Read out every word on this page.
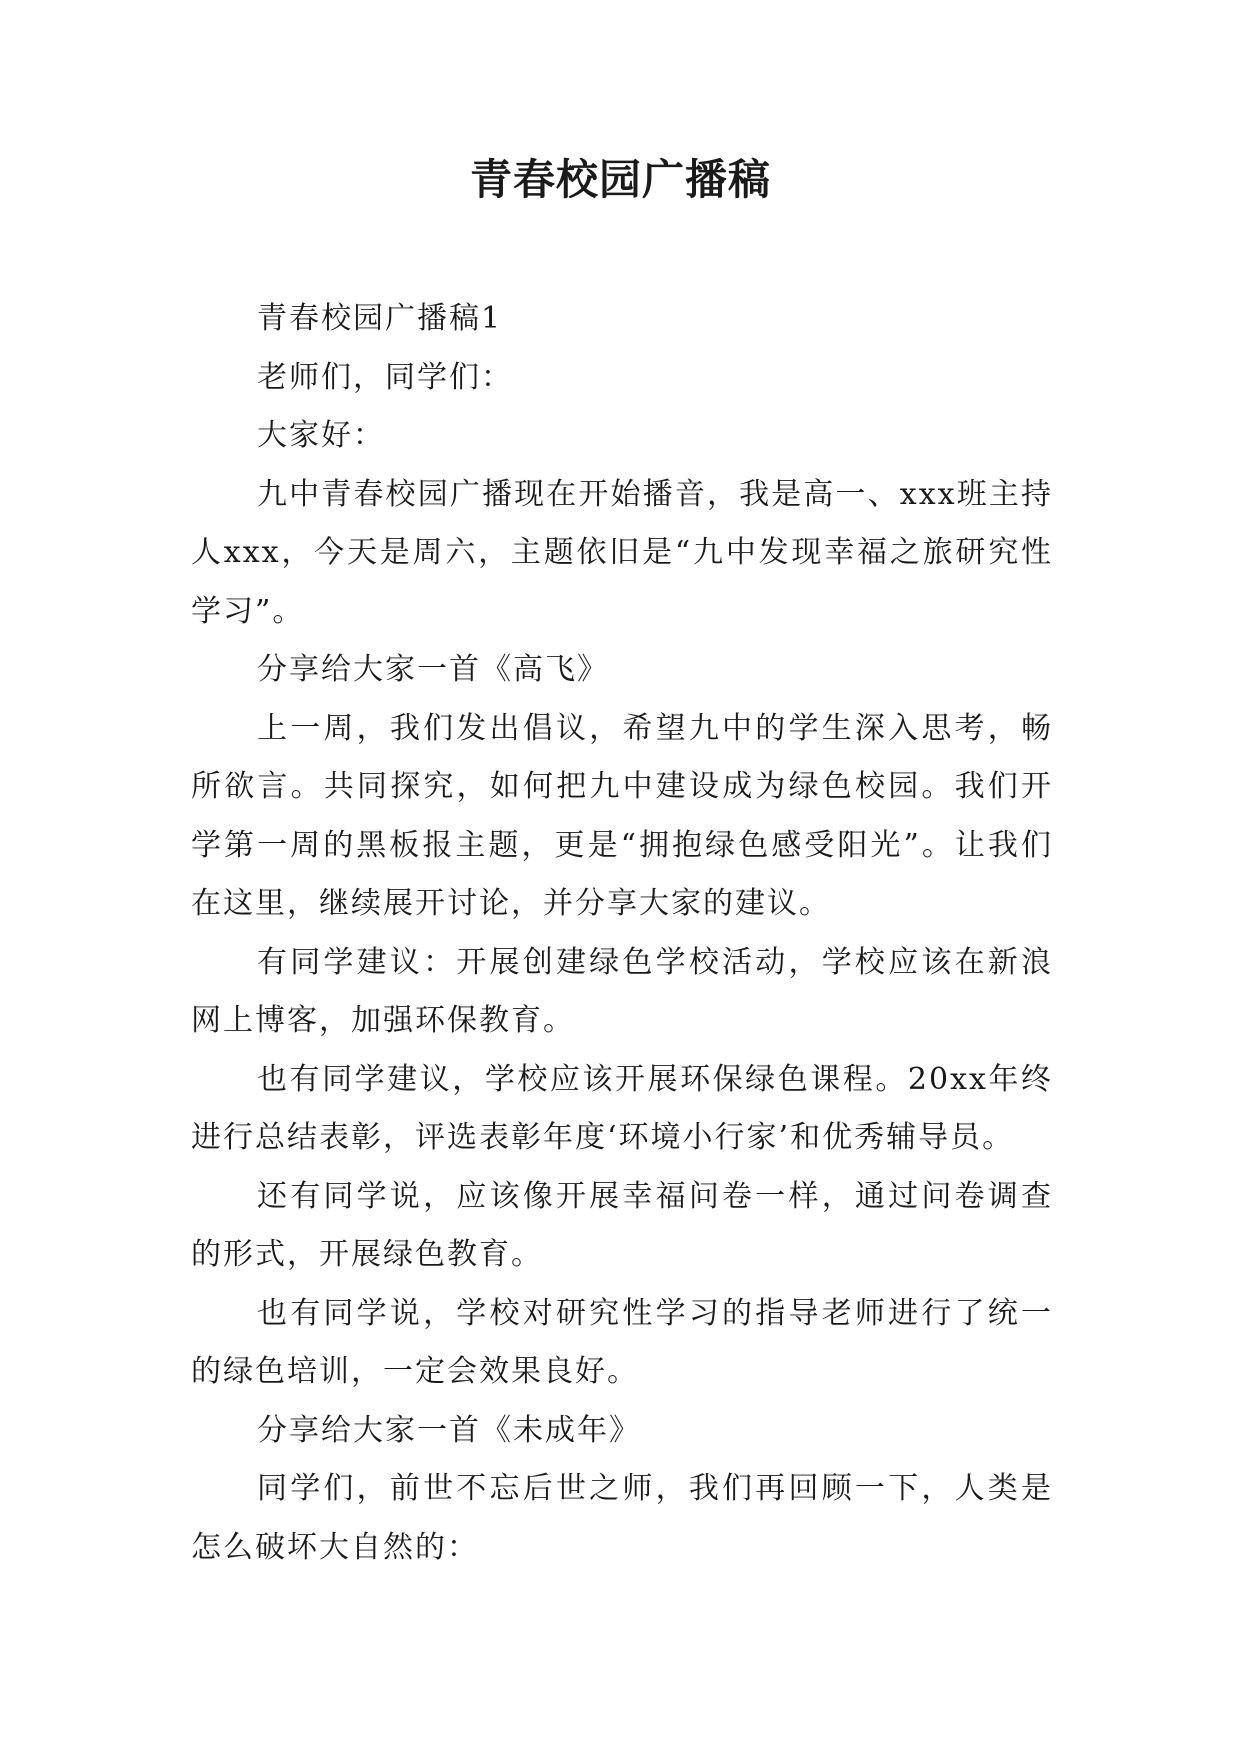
青春校园广播稿

青春校园广播稿1

老师们，同学们：

大家好：

九中青春校园广播现在开始播音，我是高一、xxx班主持人xxx，今天是周六，主题依旧是“九中发现幸福之旅研究性学习”。

分享给大家一首《高飞》

上一周，我们发出倡议，希望九中的学生深入思考，畅所欲言。共同探究，如何把九中建设成为绿色校园。我们开学第一周的黑板报主题，更是“拥抱绿色感受阳光”。让我们在这里，继续展开讨论，并分享大家的建议。

有同学建议：开展创建绿色学校活动，学校应该在新浪网上博客，加强环保教育。

也有同学建议，学校应该开展环保绿色课程。20xx年终进行总结表彰，评选表彰年度‘环境小行家’和优秀辅导员。

还有同学说，应该像开展幸福问卷一样，通过问卷调查的形式，开展绿色教育。

也有同学说，学校对研究性学习的指导老师进行了统一的绿色培训，一定会效果良好。

分享给大家一首《未成年》

同学们，前世不忘后世之师，我们再回顾一下，人类是怎么破坏大自然的：
